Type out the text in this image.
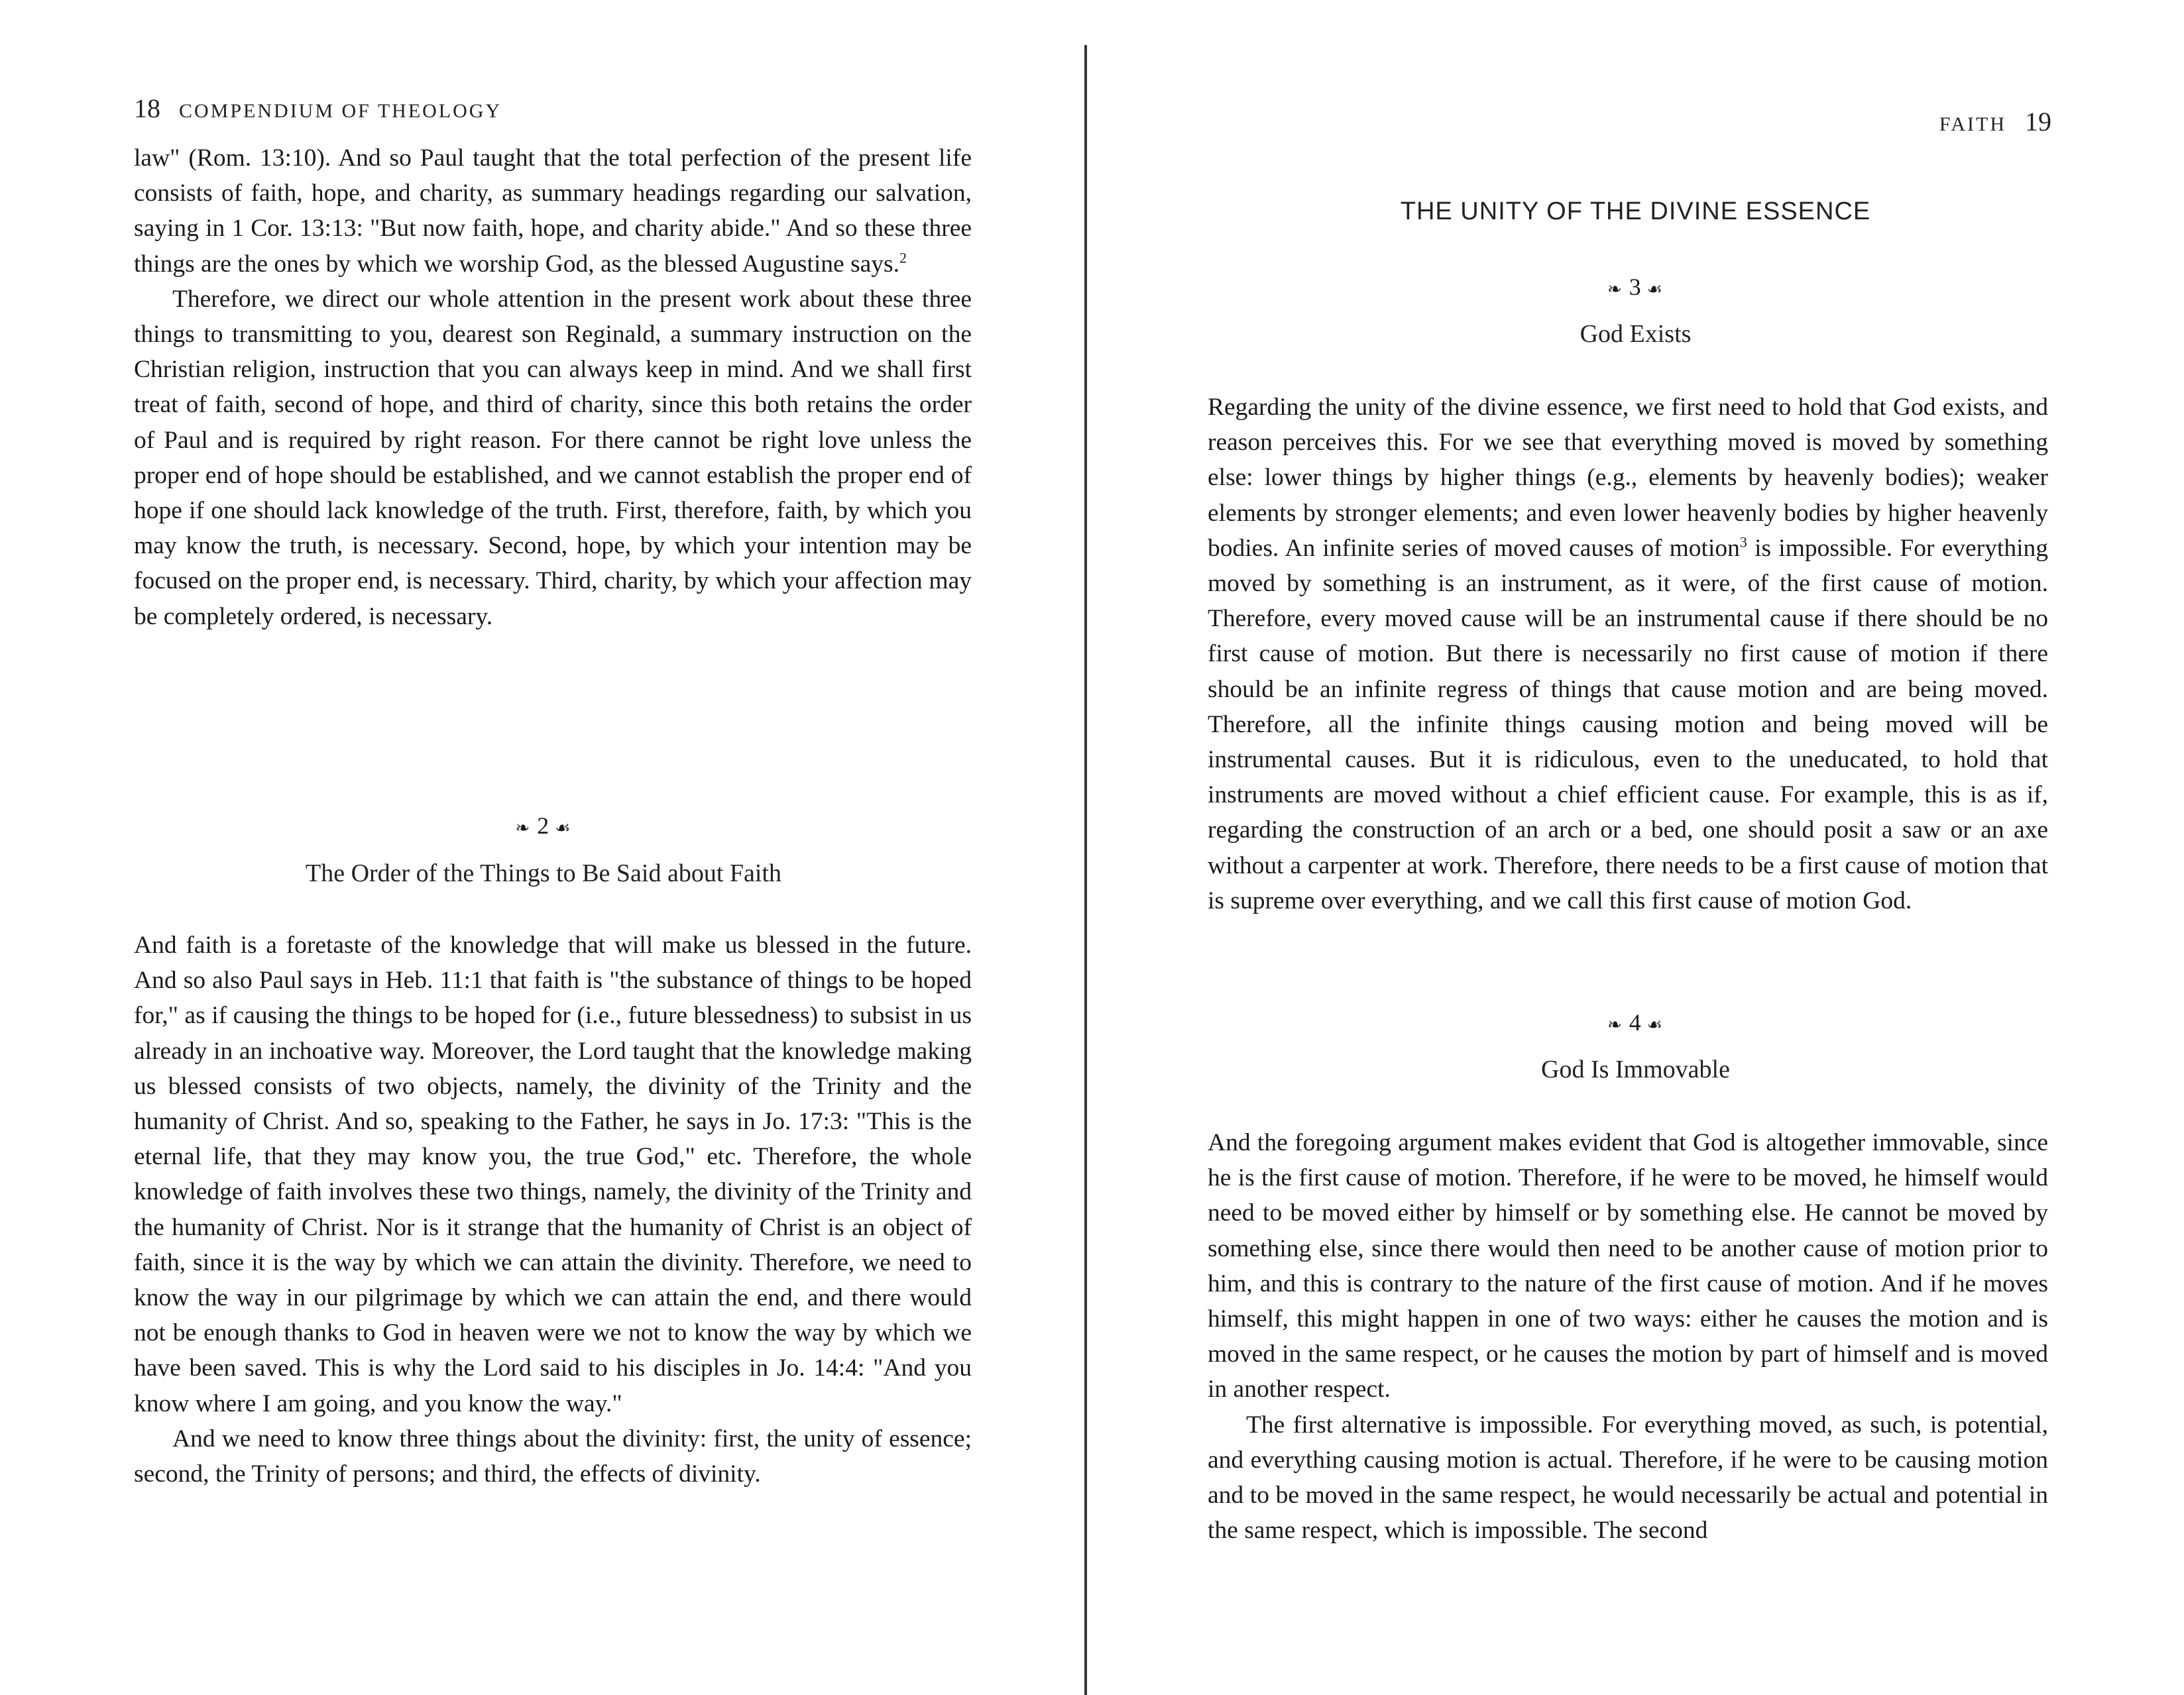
18 COMPENDIUM OF THEOLOGY

law" (Rom. 13:10). And so Paul taught that the total perfection of the present life consists of faith, hope, and charity, as summary headings regarding our salvation, saying in 1 Cor. 13:13: "But now faith, hope, and charity abide." And so these three things are the ones by which we worship God, as the blessed Augustine says.$^2$

Therefore, we direct our whole attention in the present work about these three things to transmitting to you, dearest son Reginald, a summary instruction on the Christian religion, instruction that you can always keep in mind. And we shall first treat of faith, second of hope, and third of charity, since this both retains the order of Paul and is required by right reason. For there cannot be right love unless the proper end of hope should be established, and we cannot establish the proper end of hope if one should lack knowledge of the truth. First, therefore, faith, by which you may know the truth, is necessary. Second, hope, by which your intention may be focused on the proper end, is necessary. Third, charity, by which your affection may be completely ordered, is necessary.

❧ 2 ☙
The Order of the Things to Be Said about Faith

And faith is a foretaste of the knowledge that will make us blessed in the future. And so also Paul says in Heb. 11:1 that faith is "the substance of things to be hoped for," as if causing the things to be hoped for (i.e., future blessedness) to subsist in us already in an inchoative way. Moreover, the Lord taught that the knowledge making us blessed consists of two objects, namely, the divinity of the Trinity and the humanity of Christ. And so, speaking to the Father, he says in Jo. 17:3: "This is the eternal life, that they may know you, the true God," etc. Therefore, the whole knowledge of faith involves these two things, namely, the divinity of the Trinity and the humanity of Christ. Nor is it strange that the humanity of Christ is an object of faith, since it is the way by which we can attain the divinity. Therefore, we need to know the way in our pilgrimage by which we can attain the end, and there would not be enough thanks to God in heaven were we not to know the way by which we have been saved. This is why the Lord said to his disciples in Jo. 14:4: "And you know where I am going, and you know the way."

And we need to know three things about the divinity: first, the unity of essence; second, the Trinity of persons; and third, the effects of divinity.

FAITH 19
THE UNITY OF THE DIVINE ESSENCE
❧ 3 ☙
God Exists

Regarding the unity of the divine essence, we first need to hold that God exists, and reason perceives this. For we see that everything moved is moved by something else: lower things by higher things (e.g., elements by heavenly bodies); weaker elements by stronger elements; and even lower heavenly bodies by higher heavenly bodies. An infinite series of moved causes of motion$^3$ is impossible. For everything moved by something is an instrument, as it were, of the first cause of motion. Therefore, every moved cause will be an instrumental cause if there should be no first cause of motion. But there is necessarily no first cause of motion if there should be an infinite regress of things that cause motion and are being moved. Therefore, all the infinite things causing motion and being moved will be instrumental causes. But it is ridiculous, even to the uneducated, to hold that instruments are moved without a chief efficient cause. For example, this is as if, regarding the construction of an arch or a bed, one should posit a saw or an axe without a carpenter at work. Therefore, there needs to be a first cause of motion that is supreme over everything, and we call this first cause of motion God.

❧ 4 ☙
God Is Immovable

And the foregoing argument makes evident that God is altogether immovable, since he is the first cause of motion. Therefore, if he were to be moved, he himself would need to be moved either by himself or by something else. He cannot be moved by something else, since there would then need to be another cause of motion prior to him, and this is contrary to the nature of the first cause of motion. And if he moves himself, this might happen in one of two ways: either he causes the motion and is moved in the same respect, or he causes the motion by part of himself and is moved in another respect.

The first alternative is impossible. For everything moved, as such, is potential, and everything causing motion is actual. Therefore, if he were to be causing motion and to be moved in the same respect, he would necessarily be actual and potential in the same respect, which is impossible. The second
